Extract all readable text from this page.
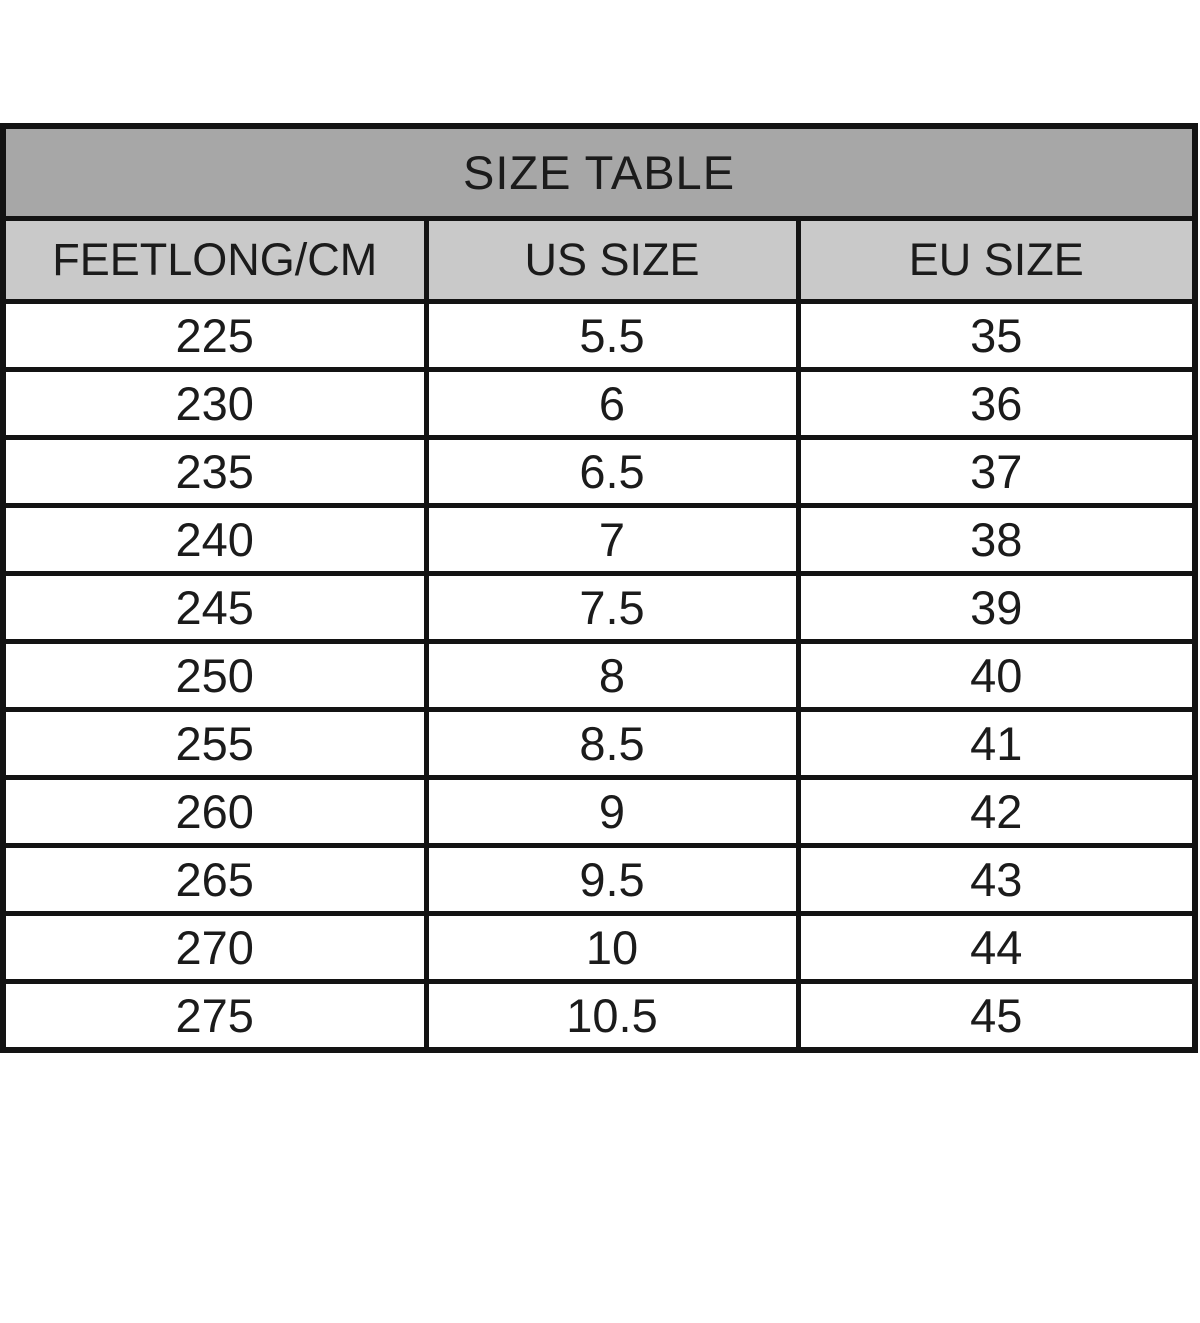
SIZE TABLE		
FEETLONG/CM	US SIZE	EU SIZE
225	5.5	35
230	6	36
235	6.5	37
240	7	38
245	7.5	39
250	8	40
255	8.5	41
260	9	42
265	9.5	43
270	10	44
275	10.5	45
